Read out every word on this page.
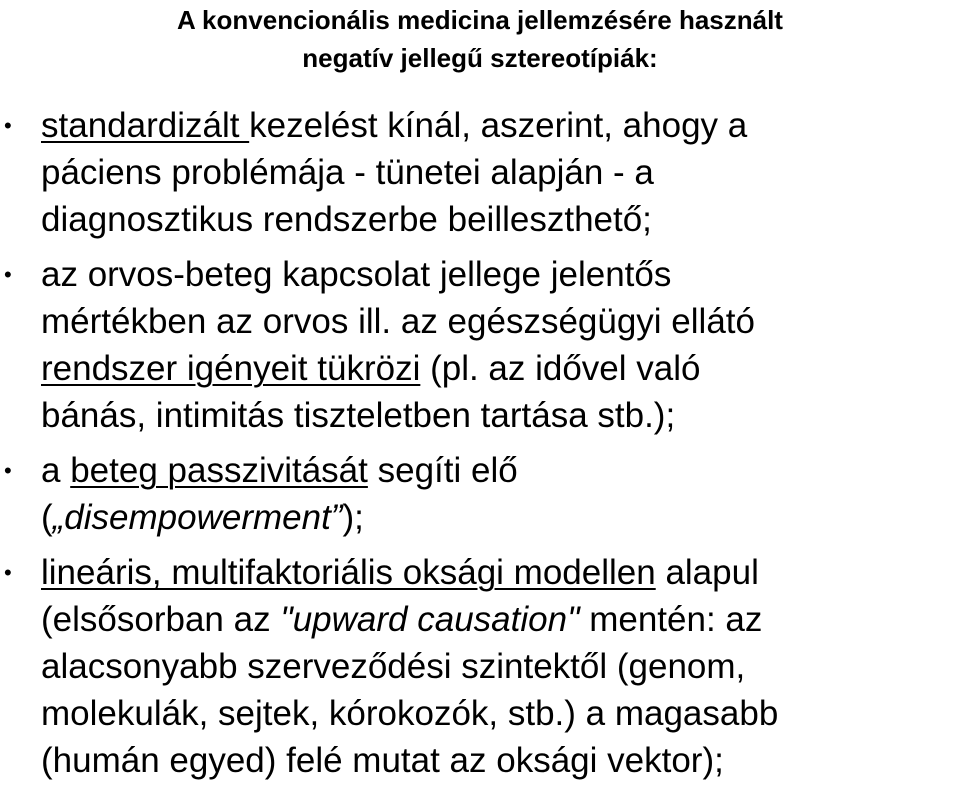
A konvencionális medicina jellemzésére használt
negatív jellegű sztereotípiák:
• standardizált kezelést kínál, aszerint, ahogy a
páciens problémája - tünetei alapján - a
diagnosztikus rendszerbe beilleszthető;
• az orvos-beteg kapcsolat jellege jelentős
mértékben az orvos ill. az egészségügyi ellátó
rendszer igényeit tükrözi (pl. az idővel való
bánás, intimitás tiszteletben tartása stb.);
• a beteg passzivitását segíti elő
(„disempowerment”);
• lineáris, multifaktoriális oksági modellen alapul
(elsősorban az "upward causation" mentén: az
alacsonyabb szerveződési szintektől (genom,
molekulák, sejtek, kórokozók, stb.) a magasabb
(humán egyed) felé mutat az oksági vektor);
